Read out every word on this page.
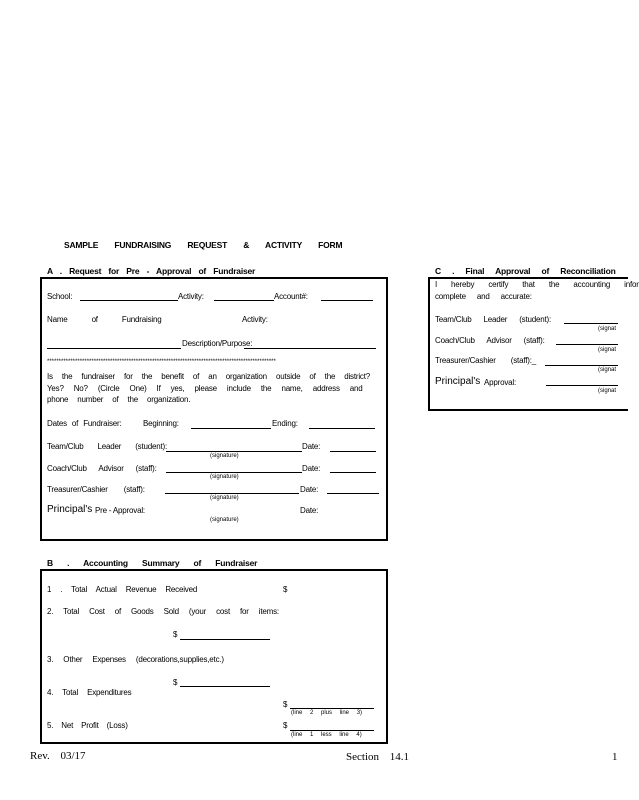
SAMPLE FUNDRAISING REQUEST & ACTIVITY FORM
A . Request for Pre - Approval of Fundraiser
School:	Activity:	Account#:
Name of Fundraising	Activity:
Description/Purpose:
**************************************************************************************************
Is the fundraiser for the benefit of an organization outside of the district?
Yes? No? (Circle One) If yes, please include the name, address and
phone number of the organization.
Dates of Fundraiser:	Beginning:	Ending:
Team/Club Leader (student):	Date:
(signature)
Coach/Club Advisor (staff):	Date:
(signature)
Treasurer/Cashier (staff):	Date:
(signature)
Principal's Pre - Approval:	Date:
(signature)
B . Accounting Summary of Fundraiser
1 . Total Actual Revenue Received	$
2. Total Cost of Goods Sold (your cost for items:
$
3. Other Expenses (decorations,supplies,etc.)
$
4. Total Expenditures
$
(line 2 plus line 3)
5. Net Profit (Loss)	$
(line 1 less line 4)
C . Final Approval of Reconciliation
I hereby certify that the accounting infor
complete and accurate:
Team/Club Leader (student):
(signat
Coach/Club Advisor (staff):
(signat
Treasurer/Cashier (staff):_
(signat
Principal's Approval:
(signat
Rev. 03/17	Section 14.1	1
